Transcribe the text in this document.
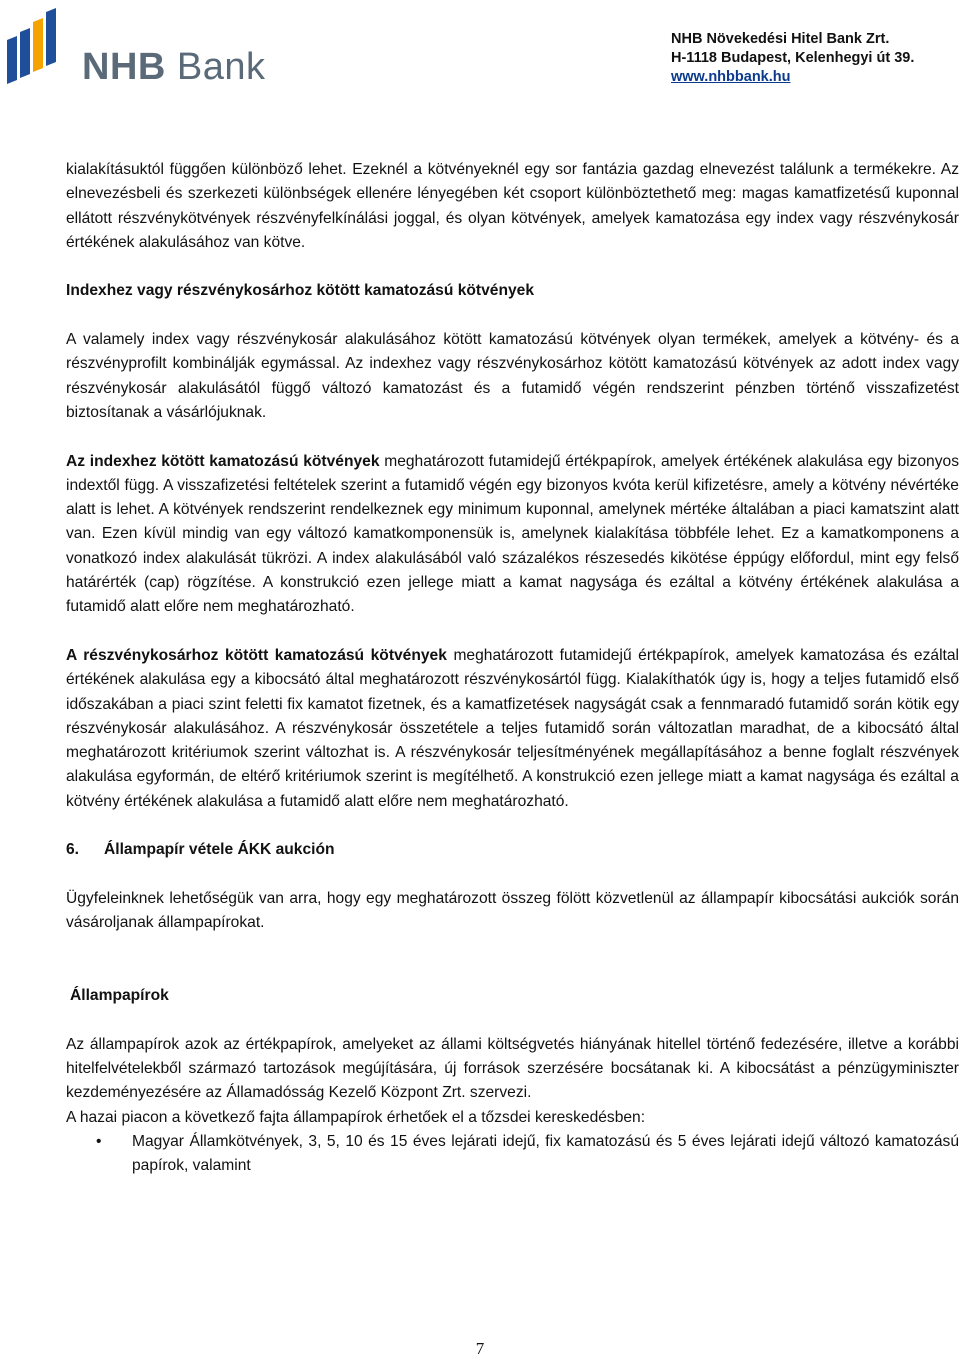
NHB Bank
NHB Növekedési Hitel Bank Zrt.
H-1118 Budapest, Kelenhegyi út 39.
www.nhbbank.hu

kialakításuktól függően különböző lehet. Ezeknél a kötvényeknél egy sor fantázia gazdag elnevezést találunk a termékekre. Az elnevezésbeli és szerkezeti különbségek ellenére lényegében két csoport különböztethető meg: magas kamatfizetésű kuponnal ellátott részvénykötvények részvényfelkínálási joggal, és olyan kötvények, amelyek kamatozása egy index vagy részvénykosár értékének alakulásához van kötve.

Indexhez vagy részvénykosárhoz kötött kamatozású kötvények

A valamely index vagy részvénykosár alakulásához kötött kamatozású kötvények olyan termékek, amelyek a kötvény- és a részvényprofilt kombinálják egymással. Az indexhez vagy részvénykosárhoz kötött kamatozású kötvények az adott index vagy részvénykosár alakulásától függő változó kamatozást és a futamidő végén rendszerint pénzben történő visszafizetést biztosítanak a vásárlójuknak.

Az indexhez kötött kamatozású kötvények meghatározott futamidejű értékpapírok, amelyek értékének alakulása egy bizonyos indextől függ. A visszafizetési feltételek szerint a futamidő végén egy bizonyos kvóta kerül kifizetésre, amely a kötvény névértéke alatt is lehet. A kötvények rendszerint rendelkeznek egy minimum kuponnal, amelynek mértéke általában a piaci kamatszint alatt van. Ezen kívül mindig van egy változó kamatkomponensük is, amelynek kialakítása többféle lehet. Ez a kamatkomponens a vonatkozó index alakulását tükrözi. A index alakulásából való százalékos részesedés kikötése éppúgy előfordul, mint egy felső határérték (cap) rögzítése. A konstrukció ezen jellege miatt a kamat nagysága és ezáltal a kötvény értékének alakulása a futamidő alatt előre nem meghatározható.

A részvénykosárhoz kötött kamatozású kötvények meghatározott futamidejű értékpapírok, amelyek kamatozása és ezáltal értékének alakulása egy a kibocsátó által meghatározott részvénykosártól függ. Kialakíthatók úgy is, hogy a teljes futamidő első időszakában a piaci szint feletti fix kamatot fizetnek, és a kamatfizetések nagyságát csak a fennmaradó futamidő során kötik egy részvénykosár alakulásához. A részvénykosár összetétele a teljes futamidő során változatlan maradhat, de a kibocsátó által meghatározott kritériumok szerint változhat is. A részvénykosár teljesítményének megállapításához a benne foglalt részvények alakulása egyformán, de eltérő kritériumok szerint is megítélhető. A konstrukció ezen jellege miatt a kamat nagysága és ezáltal a kötvény értékének alakulása a futamidő alatt előre nem meghatározható.

6. Állampapír vétele ÁKK aukción

Ügyfeleinknek lehetőségük van arra, hogy egy meghatározott összeg fölött közvetlenül az állampapír kibocsátási aukciók során vásároljanak állampapírokat.

Állampapírok

Az állampapírok azok az értékpapírok, amelyeket az állami költségvetés hiányának hitellel történő fedezésére, illetve a korábbi hitelfelvételekből származó tartozások megújítására, új források szerzésére bocsátanak ki. A kibocsátást a pénzügyminiszter kezdeményezésére az Államadósság Kezelő Központ Zrt. szervezi.

A hazai piacon a következő fajta állampapírok érhetőek el a tőzsdei kereskedésben:

• Magyar Államkötvények, 3, 5, 10 és 15 éves lejárati idejű, fix kamatozású és 5 éves lejárati idejű változó kamatozású papírok, valamint
7
